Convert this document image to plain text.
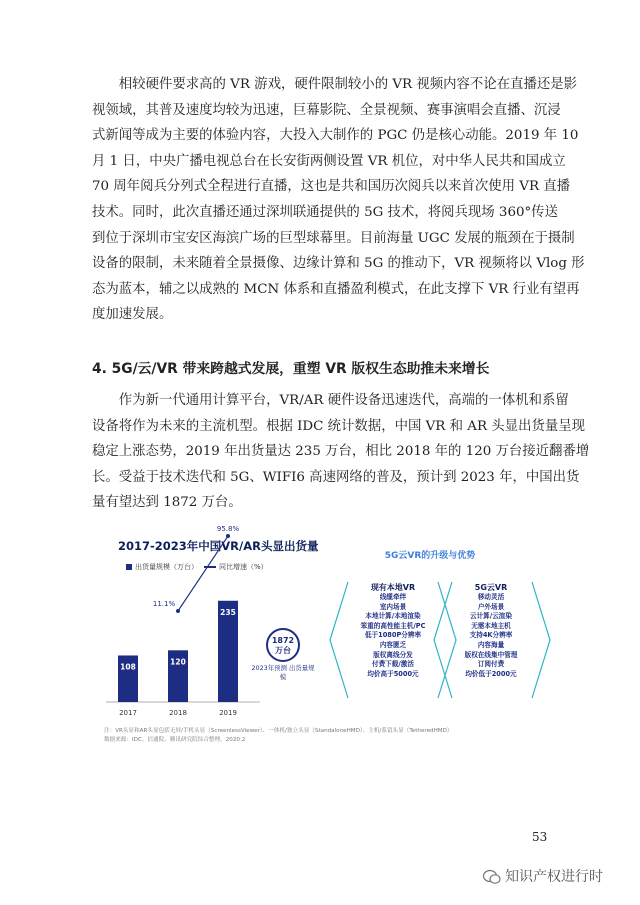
相较硬件要求高的 VR 游戏，硬件限制较小的 VR 视频内容不论在直播还是影
视领域，其普及速度均较为迅速，巨幕影院、全景视频、赛事演唱会直播、沉浸
式新闻等成为主要的体验内容，大投入大制作的 PGC 仍是核心动能。2019 年 10
月 1 日，中央广播电视总台在长安街两侧设置 VR 机位，对中华人民共和国成立
70 周年阅兵分列式全程进行直播，这也是共和国历次阅兵以来首次使用 VR 直播
技术。同时，此次直播还通过深圳联通提供的 5G 技术，将阅兵现场 360°传送
到位于深圳市宝安区海滨广场的巨型球幕里。目前海量 UGC 发展的瓶颈在于摄制
设备的限制，未来随着全景摄像、边缘计算和 5G 的推动下，VR 视频将以 Vlog 形
态为蓝本，辅之以成熟的 MCN 体系和直播盈利模式，在此支撑下 VR 行业有望再
度加速发展。
4. 5G/云/VR 带来跨越式发展，重塑 VR 版权生态助推未来增长
作为新一代通用计算平台，VR/AR 硬件设备迅速迭代，高端的一体机和系留
设备将作为未来的主流机型。根据 IDC 统计数据，中国 VR 和 AR 头显出货量呈现
稳定上涨态势，2019 年出货量达 235 万台，相比 2018 年的 120 万台接近翻番增
长。受益于技术迭代和 5G、WIFI6 高速网络的普及，预计到 2023 年，中国出货
量有望达到 1872 万台。
2017-2023年中国VR/AR头显出货量
出货量规模（万台）	同比增速（%）
108
2017
120
2018
235
2019
11.1%
95.8%
1872 万台
2023年预测 出货量规模
5G云VR的升级与优势
现有本地VR
线缆牵绊
室内场景
本地计算/本地渲染
笨重的高性能主机/PC
低于1080P分辨率
内容匮乏
版权离线分发
付费下载/激活
均价高于5000元
5G云VR
移动灵活
户外场景
云计算/云渲染
无需本地主机
支持4K分辨率
内容海量
版权在线集中管理
订阅付费
均价低于2000元
注：VR头显和AR头显包括无屏/手机头显（ScreenlessViewer）、一体机/独立头显（StandaloneHMD）、主机/系留头显（TetheredHMD）
数据来源：IDC、信通院、腾讯研究院综合整理，2020.2
53
知识产权进行时
